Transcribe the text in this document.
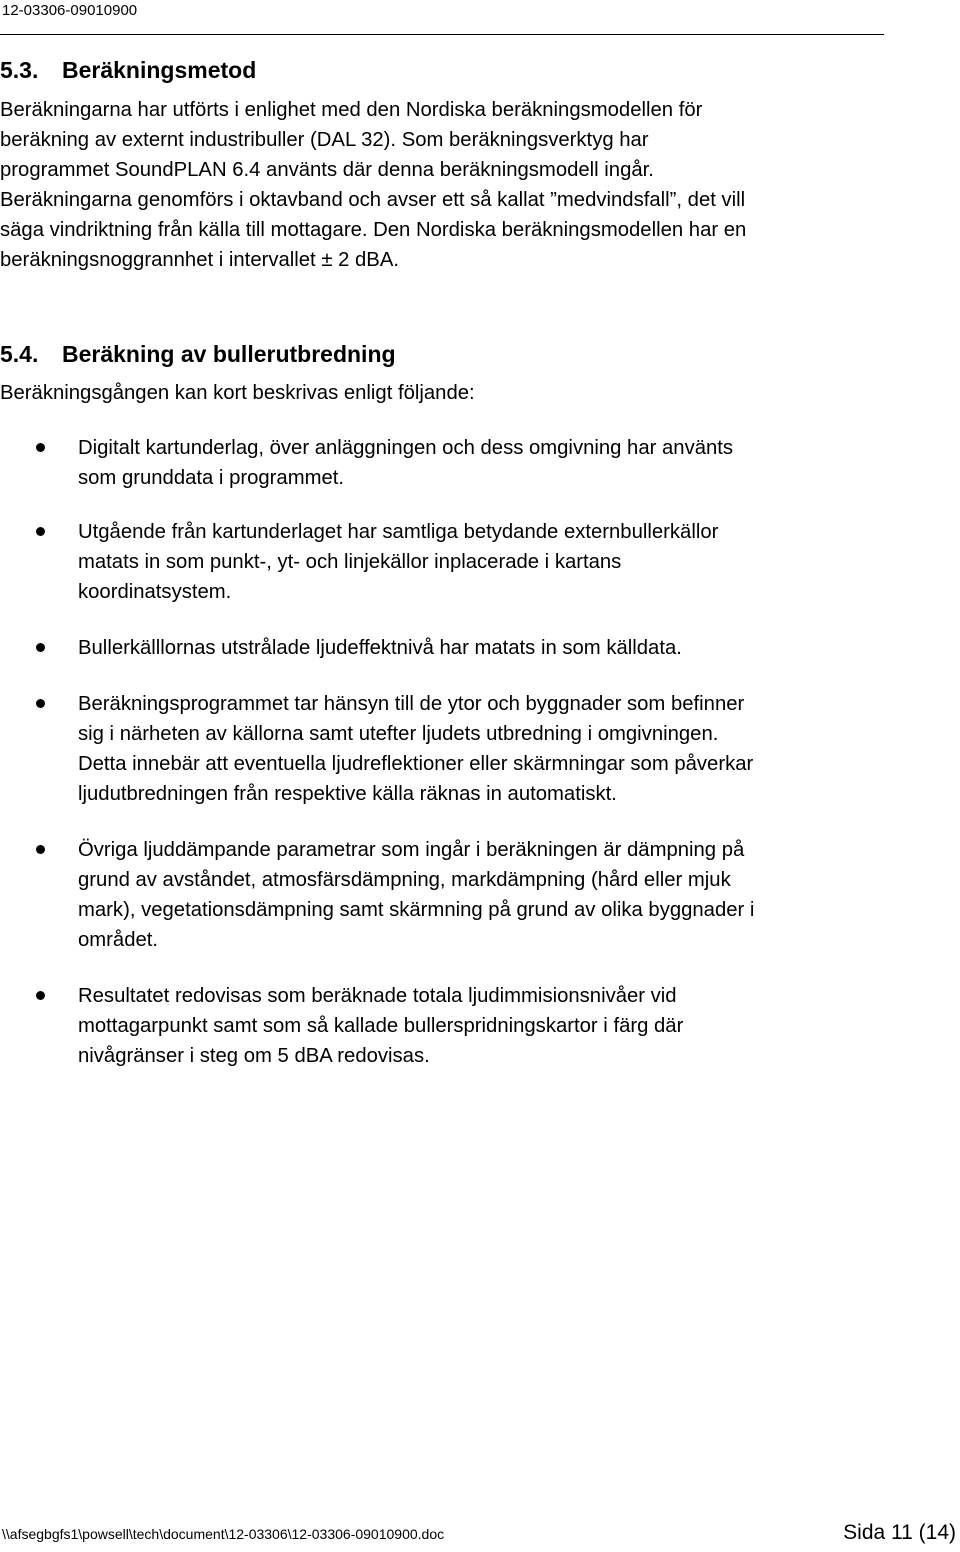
12-03306-09010900
5.3. Beräkningsmetod
Beräkningarna har utförts i enlighet med den Nordiska beräkningsmodellen för
beräkning av externt industribuller (DAL 32). Som beräkningsverktyg har
programmet SoundPLAN 6.4 använts där denna beräkningsmodell ingår.
Beräkningarna genomförs i oktavband och avser ett så kallat ”medvindsfall”, det vill
säga vindriktning från källa till mottagare. Den Nordiska beräkningsmodellen har en
beräkningsnoggrannhet i intervallet ± 2 dBA.
5.4. Beräkning av bullerutbredning
Beräkningsgången kan kort beskrivas enligt följande:
Digitalt kartunderlag, över anläggningen och dess omgivning har använts
som grunddata i programmet.
Utgående från kartunderlaget har samtliga betydande externbullerkällor
matats in som punkt-, yt- och linjekällor inplacerade i kartans
koordinatsystem.
Bullerkälllornas utstrålade ljudeffektnivå har matats in som källdata.
Beräkningsprogrammet tar hänsyn till de ytor och byggnader som befinner
sig i närheten av källorna samt utefter ljudets utbredning i omgivningen.
Detta innebär att eventuella ljudreflektioner eller skärmningar som påverkar
ljudutbredningen från respektive källa räknas in automatiskt.
Övriga ljuddämpande parametrar som ingår i beräkningen är dämpning på
grund av avståndet, atmosfärsdämpning, markdämpning (hård eller mjuk
mark), vegetationsdämpning samt skärmning på grund av olika byggnader i
området.
Resultatet redovisas som beräknade totala ljudimmisionsnivåer vid
mottagarpunkt samt som så kallade bullerspridningskartor i färg där
nivågränser i steg om 5 dBA redovisas.
\\afsegbgfs1\powsell\tech\document\12-03306\12-03306-09010900.doc	Sida 11 (14)
